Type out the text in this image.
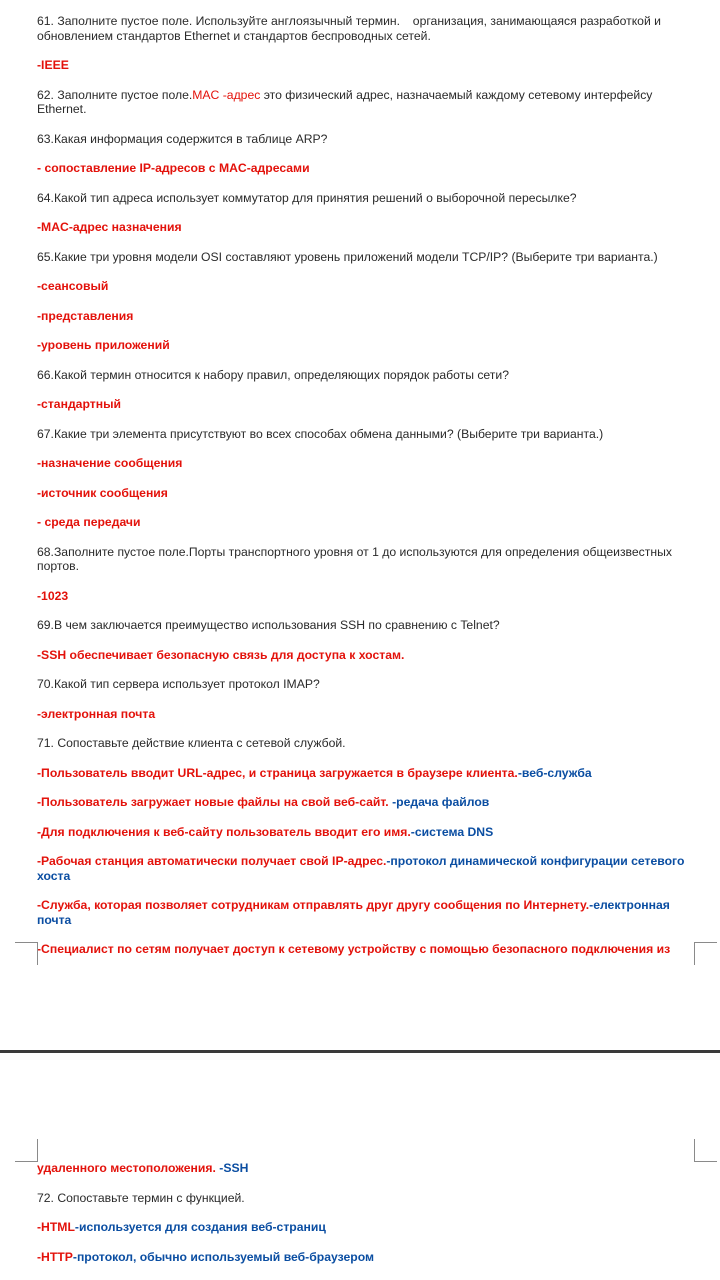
61. Заполните пустое поле. Используйте англоязычный термин.  организация, занимающаяся разработкой и обновлением стандартов Ethernet и стандартов беспроводных сетей.

-IEEE

62. Заполните пустое поле.MAC -адрес это физический адрес, назначаемый каждому сетевому интерфейсу Ethernet.

63.Какая информация содержится в таблице ARP?

- сопоставление IP-адресов с MAC-адресами

64.Какой тип адреса использует коммутатор для принятия решений о выборочной пересылке?

-MAC-адрес назначения

65.Какие три уровня модели OSI составляют уровень приложений модели TCP/IP? (Выберите три варианта.)

-сеансовый

-представления

-уровень приложений

66.Какой термин относится к набору правил, определяющих порядок работы сети?

-стандартный

67.Какие три элемента присутствуют во всех способах обмена данными? (Выберите три варианта.)

-назначение сообщения

-источник сообщения

- среда передачи

68.Заполните пустое поле.Порты транспортного уровня от 1 до используются для определения общеизвестных портов.

-1023

69.В чем заключается преимущество использования SSH по сравнению с Telnet?

-SSH обеспечивает безопасную связь для доступа к хостам.

70.Какой тип сервера использует протокол IMAP?

-электронная почта

71. Сопоставьте действие клиента с сетевой службой.

-Пользователь вводит URL-адрес, и страница загружается в браузере клиента.-веб-служба

-Пользователь загружает новые файлы на свой веб-сайт. -редача файлов

-Для подключения к веб-сайту пользователь вводит его имя.-система DNS

-Рабочая станция автоматически получает свой IP-адрес.-протокол динамической конфигурации сетевого хоста

-Служба, которая позволяет сотрудникам отправлять друг другу сообщения по Интернету.-електронная почта

-Специалист по сетям получает доступ к сетевому устройству с помощью безопасного подключения из

удаленного местоположения. -SSH

72. Сопоставьте термин с функцией.

-HTML-используется для создания веб-страниц

-HTTP-протокол, обычно используемый веб-браузером
